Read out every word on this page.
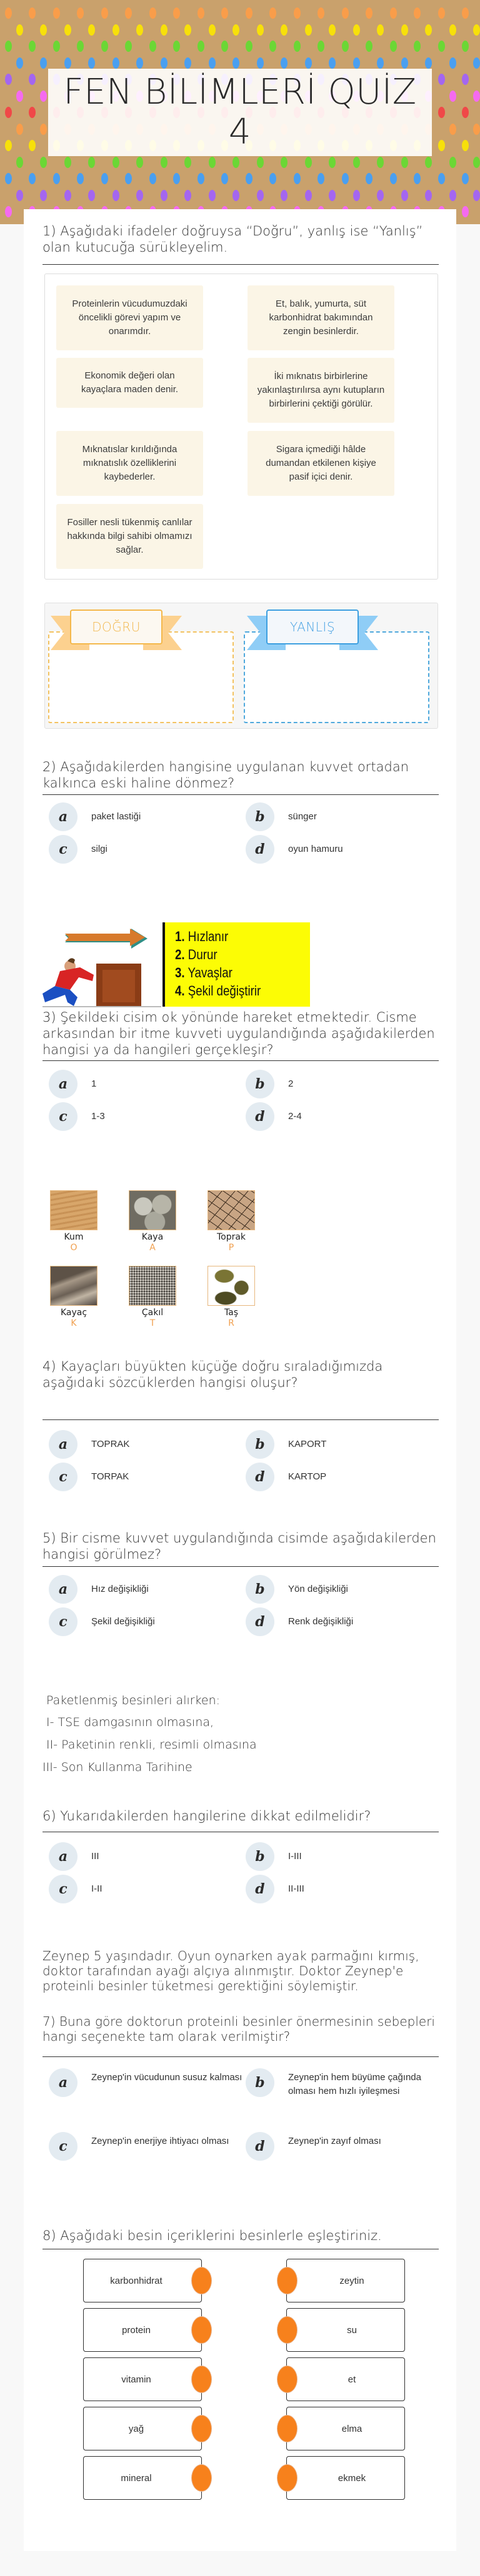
FEN BİLİMLERİ QUİZ
4
1) Aşağıdaki ifadeler doğruysa “Doğru”, yanlış ise “Yanlış” olan kutucuğa sürükleyelim.
Proteinlerin vücudumuzdaki öncelikli görevi yapım ve onarımdır.
Et, balık, yumurta, süt karbonhidrat bakımından zengin besinlerdir.
Ekonomik değeri olan kayaçlara maden denir.
İki mıknatıs birbirlerine yakınlaştırılırsa aynı kutupların birbirlerini çektiği görülür.
Mıknatıslar kırıldığında mıknatıslık özelliklerini kaybederler.
Sigara içmediği hâlde dumandan etkilenen kişiye pasif içici denir.
Fosiller nesli tükenmiş canlılar hakkında bilgi sahibi olmamızı sağlar.
DOĞRU	YANLIŞ
2) Aşağıdakilerden hangisine uygulanan kuvvet ortadan kalkınca eski haline dönmez?
a	paket lastiği	b	sünger
c	silgi	d	oyun hamuru
1. Hızlanır
2. Durur
3. Yavaşlar
4. Şekil değiştirir
3) Şekildeki cisim ok yönünde hareket etmektedir. Cisme arkasından bir itme kuvveti uygulandığında aşağıdakilerden hangisi ya da hangileri gerçekleşir?
a	1	b	2
c	1-3	d	2-4
Kum
O
Kaya
A
Toprak
P
Kayaç
K
Çakıl
T
Taş
R
4) Kayaçları büyükten küçüğe doğru sıraladığımızda aşağıdaki sözcüklerden hangisi oluşur?
a	TOPRAK	b	KAPORT
c	TORPAK	d	KARTOP
5) Bir cisme kuvvet uygulandığında cisimde aşağıdakilerden hangisi görülmez?
a	Hız değişikliği	b	Yön değişikliği
c	Şekil değişikliği	d	Renk değişikliği
Paketlenmiş besinleri alırken:
I- TSE damgasının olmasına,
II- Paketinin renkli, resimli olmasına
III- Son Kullanma Tarihine
6) Yukarıdakilerden hangilerine dikkat edilmelidir?
a	III	b	I-III
c	I-II	d	II-III
Zeynep 5 yaşındadır. Oyun oynarken ayak parmağını kırmış, doktor tarafından ayağı alçıya alınmıştır. Doktor Zeynep'e proteinli besinler tüketmesi gerektiğini söylemiştir.
7) Buna göre doktorun proteinli besinler önermesinin sebepleri hangi seçenekte tam olarak verilmiştir?
a	Zeynep'in vücudunun susuz kalması b	Zeynep'in hem büyüme çağında olması hem hızlı iyileşmesi
c	Zeynep'in enerjiye ihtiyacı olması	d	Zeynep'in zayıf olması
8) Aşağıdaki besin içeriklerini besinlerle eşleştiriniz.
karbonhidrat	zeytin
protein	su
vitamin	et
yağ	elma
mineral	ekmek
